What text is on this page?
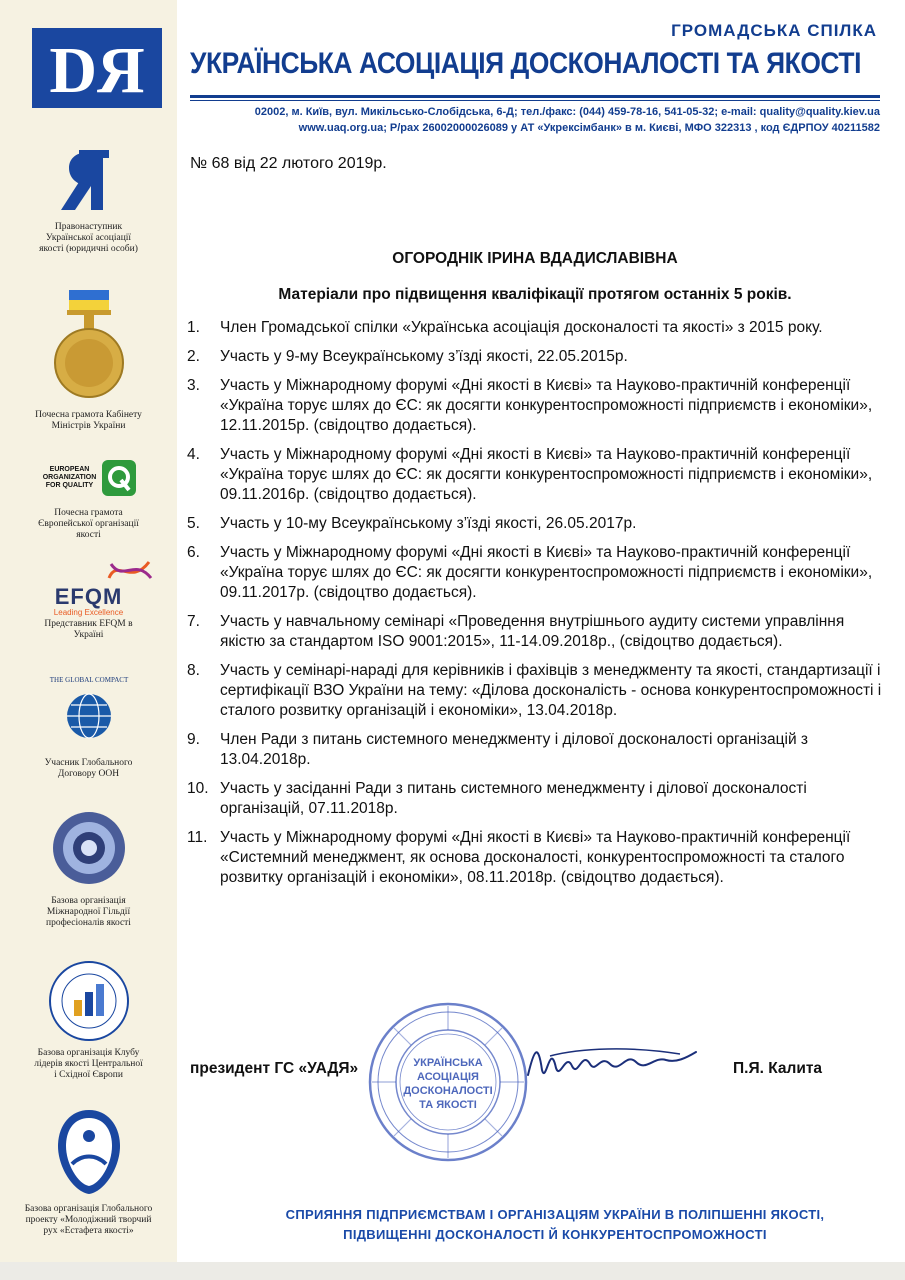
DЯ
ГРОМАДСЬКА СПІЛКА
УКРАЇНСЬКА АСОЦІАЦІЯ ДОСКОНАЛОСТІ ТА ЯКОСТІ
02002, м. Київ, вул. Микільсько-Слобідська, 6-Д; тел./факс: (044) 459-78-16, 541-05-32; e-mail: quality@quality.kiev.ua
www.uaq.org.ua; Р/рах 26002000026089 у АТ «Укрексімбанк» в м. Києві, МФО 322313 , код ЄДРПОУ 40211582
№ 68 від 22 лютого 2019р.
ОГОРОДНІК ІРИНА ВДАДИСЛАВІВНА
Матеріали про підвищення кваліфікації протягом останніх 5 років.
1. Член Громадської спілки «Українська асоціація досконалості та якості» з 2015 року.
2. Участь у 9-му Всеукраїнському з’їзді якості, 22.05.2015р.
3. Участь у Міжнародному форумі «Дні якості в Києві» та Науково-практичній конференції «Україна торує шлях до ЄС: як досягти конкурентоспроможності підприємств і економіки», 12.11.2015р. (свідоцтво додається).
4. Участь у Міжнародному форумі «Дні якості в Києві» та Науково-практичній конференції «Україна торує шлях до ЄС: як досягти конкурентоспроможності підприємств і економіки», 09.11.2016р. (свідоцтво додається).
5. Участь у 10-му Всеукраїнському з’їзді якості, 26.05.2017р.
6. Участь у Міжнародному форумі «Дні якості в Києві» та Науково-практичній конференції «Україна торує шлях до ЄС: як досягти конкурентоспроможності підприємств і економіки», 09.11.2017р. (свідоцтво додається).
7. Участь у навчальному семінарі «Проведення внутрішнього аудиту системи управління якістю за стандартом ISO 9001:2015», 11-14.09.2018р., (свідоцтво додається).
8. Участь у семінарі-нараді для керівників і фахівців з менеджменту та якості, стандартизації і сертифікації ВЗО України на тему: «Ділова досконалість - основа конкурентоспроможності і сталого розвитку організацій і економіки», 13.04.2018р.
9. Член Ради з питань системного менеджменту і ділової досконалості організацій з 13.04.2018р.
10. Участь у засіданні Ради з питань системного менеджменту і ділової досконалості організацій, 07.11.2018р.
11. Участь у Міжнародному форумі «Дні якості в Києві» та Науково-практичній конференції «Системний менеджмент, як основа досконалості, конкурентоспроможності та сталого розвитку організацій і економіки», 08.11.2018р. (свідоцтво додається).
президент ГС «УАДЯ»	П.Я. Калита
УКРАЇНСЬКА
АСОЦІАЦІЯ
ДОСКОНАЛОСТІ
ТА ЯКОСТІ
СПРИЯННЯ ПІДПРИЄМСТВАМ І ОРГАНІЗАЦІЯМ УКРАЇНИ В ПОЛІПШЕННІ ЯКОСТІ,
ПІДВИЩЕННІ ДОСКОНАЛОСТІ Й КОНКУРЕНТОСПРОМОЖНОСТІ
Правонаступник Української асоціації якості (юридичні особи)
Почесна грамота Кабінету Міністрів України
EUROPEAN ORGANIZATION FOR QUALITY
Почесна грамота Європейської організації якості
EFQM
Leading Excellence
Представник EFQM в Україні
THE GLOBAL COMPACT
Учасник Глобального Договору ООН
Базова організація Міжнародної Гільдії професіоналів якості
Базова організація Клубу лідерів якості Центральної і Східної Європи
Базова організація Глобального проекту «Молодіжний творчий рух «Естафета якості»
